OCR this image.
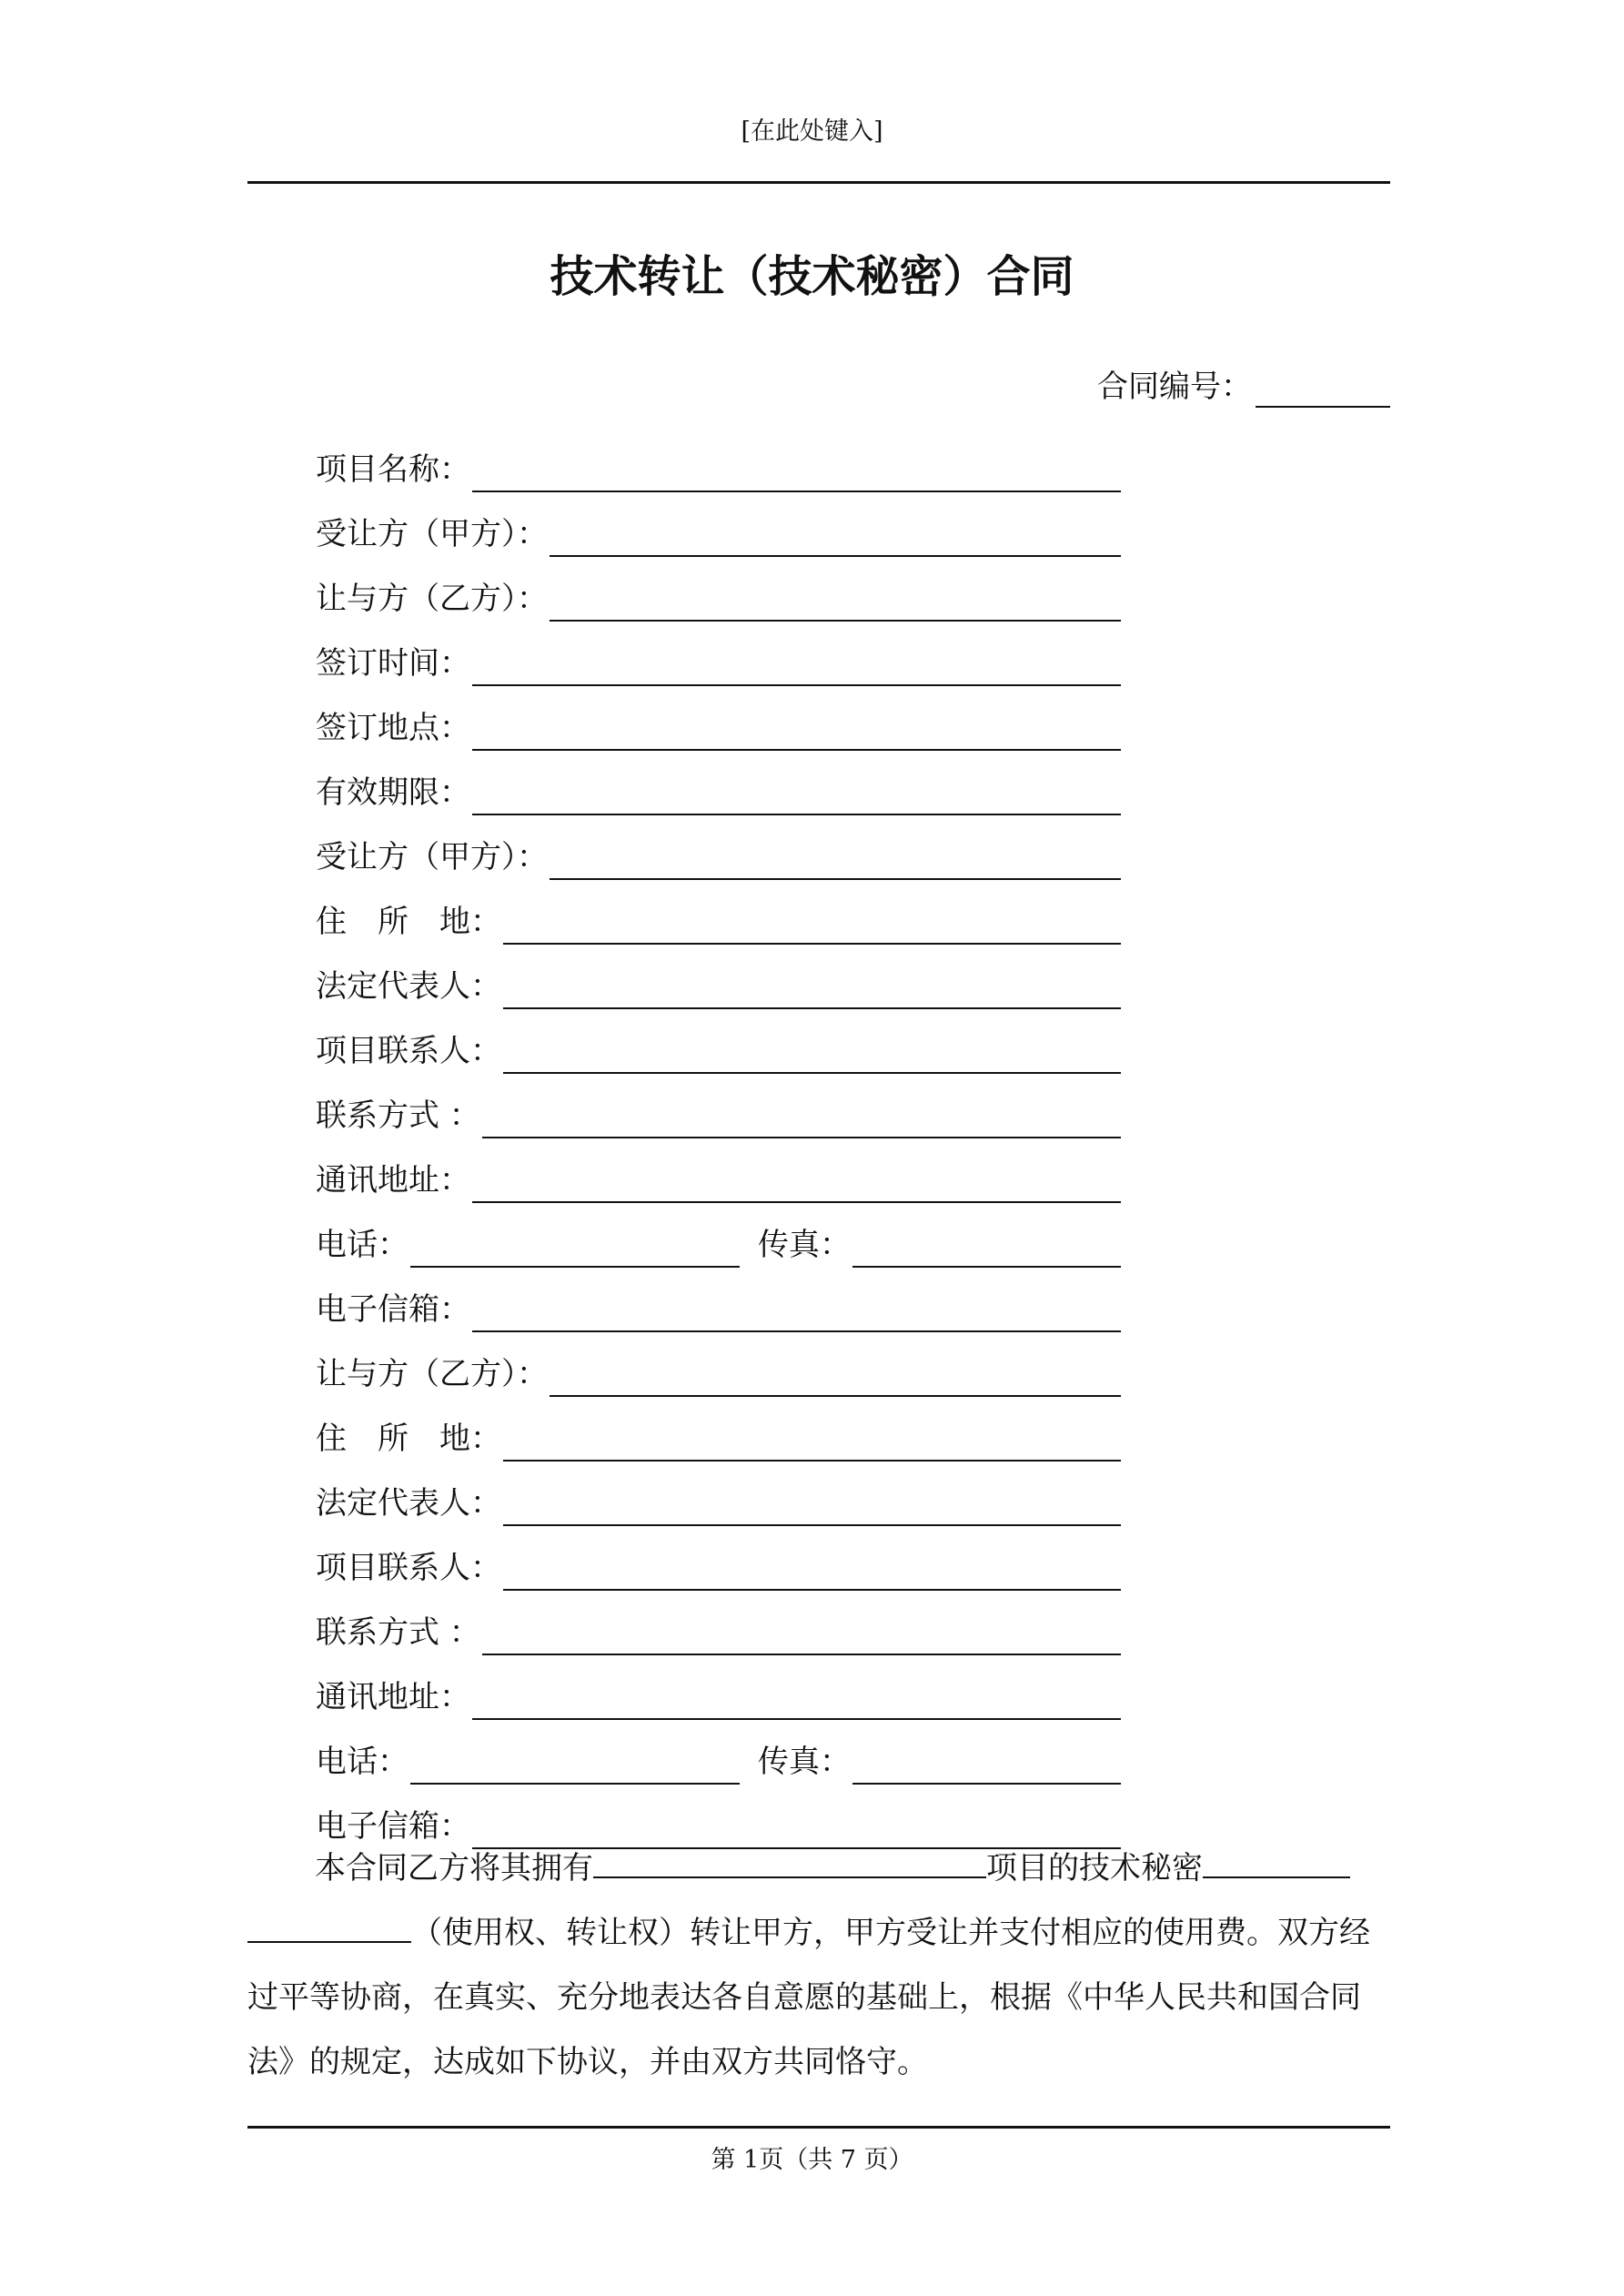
[在此处键入]
技术转让（技术秘密）合同
合同编号：
项目名称：
受让方（甲方）：
让与方（乙方）：
签订时间：
签订地点：
有效期限：
受让方（甲方）：
住　所　地：
法定代表人：
项目联系人：
联系方式 ：
通讯地址：
电话：	传真：
电子信箱：
让与方（乙方）：
住　所　地：
法定代表人：
项目联系人：
联系方式 ：
通讯地址：
电话：	传真：
电子信箱：
本合同乙方将其拥有	项目的技术秘密（使用权、转让权）转让甲方，甲方受让并支付相应的使用费。双方经过平等协商，在真实、充分地表达各自意愿的基础上，根据《中华人民共和国合同法》的规定，达成如下协议，并由双方共同恪守。
第 1页（共 7 页）
